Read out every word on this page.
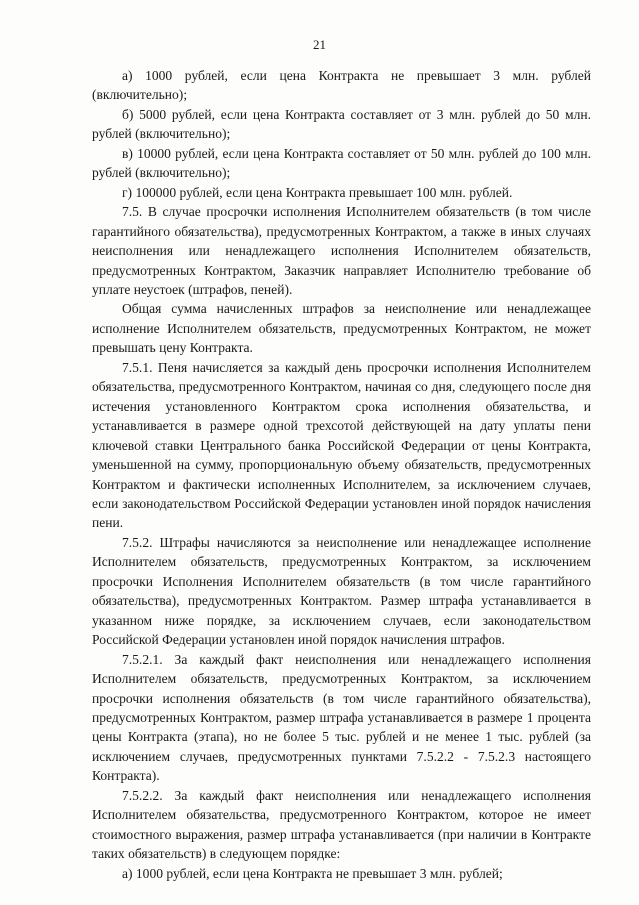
21

а) 1000 рублей, если цена Контракта не превышает 3 млн. рублей (включительно);

б) 5000 рублей, если цена Контракта составляет от 3 млн. рублей до 50 млн. рублей (включительно);

в) 10000 рублей, если цена Контракта составляет от 50 млн. рублей до 100 млн. рублей (включительно);

г) 100000 рублей, если цена Контракта превышает 100 млн. рублей.

7.5. В случае просрочки исполнения Исполнителем обязательств (в том числе гарантийного обязательства), предусмотренных Контрактом, а также в иных случаях неисполнения или ненадлежащего исполнения Исполнителем обязательств, предусмотренных Контрактом, Заказчик направляет Исполнителю требование об уплате неустоек (штрафов, пеней).

Общая сумма начисленных штрафов за неисполнение или ненадлежащее исполнение Исполнителем обязательств, предусмотренных Контрактом, не может превышать цену Контракта.

7.5.1. Пеня начисляется за каждый день просрочки исполнения Исполнителем обязательства, предусмотренного Контрактом, начиная со дня, следующего после дня истечения установленного Контрактом срока исполнения обязательства, и устанавливается в размере одной трехсотой действующей на дату уплаты пени ключевой ставки Центрального банка Российской Федерации от цены Контракта, уменьшенной на сумму, пропорциональную объему обязательств, предусмотренных Контрактом и фактически исполненных Исполнителем, за исключением случаев, если законодательством Российской Федерации установлен иной порядок начисления пени.

7.5.2. Штрафы начисляются за неисполнение или ненадлежащее исполнение Исполнителем обязательств, предусмотренных Контрактом, за исключением просрочки Исполнения Исполнителем обязательств (в том числе гарантийного обязательства), предусмотренных Контрактом. Размер штрафа устанавливается в указанном ниже порядке, за исключением случаев, если законодательством Российской Федерации установлен иной порядок начисления штрафов.

7.5.2.1. За каждый факт неисполнения или ненадлежащего исполнения Исполнителем обязательств, предусмотренных Контрактом, за исключением просрочки исполнения обязательств (в том числе гарантийного обязательства), предусмотренных Контрактом, размер штрафа устанавливается в размере 1 процента цены Контракта (этапа), но не более 5 тыс. рублей и не менее 1 тыс. рублей (за исключением случаев, предусмотренных пунктами 7.5.2.2 - 7.5.2.3 настоящего Контракта).

7.5.2.2. За каждый факт неисполнения или ненадлежащего исполнения Исполнителем обязательства, предусмотренного Контрактом, которое не имеет стоимостного выражения, размер штрафа устанавливается (при наличии в Контракте таких обязательств) в следующем порядке:

а) 1000 рублей, если цена Контракта не превышает 3 млн. рублей;
